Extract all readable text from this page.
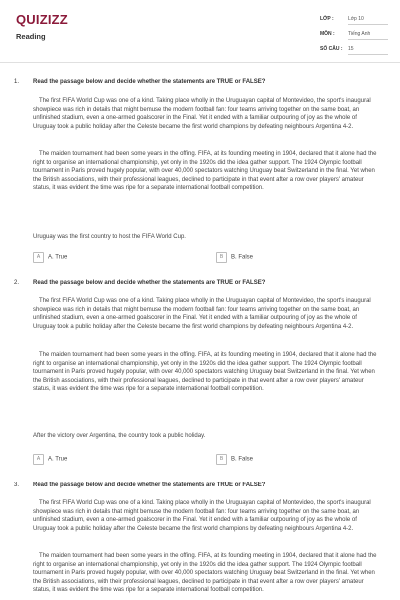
QUIZIZZ
Reading
LỚP :	Lớp 10
MÔN :	Tiếng Anh
SỐ CÂU : 15
1. Read the passage below and decide whether the statements are TRUE or FALSE?

The first FIFA World Cup was one of a kind. Taking place wholly in the Uruguayan capital of Montevideo, the sport's inaugural showpiece was rich in details that might bemuse the modern football fan: four teams arriving together on the same boat, an unfinished stadium, even a one-armed goalscorer in the Final. Yet it ended with a familiar outpouring of joy as the whole of Uruguay took a public holiday after the Celeste became the first world champions by defeating neighbours Argentina 4-2.

The maiden tournament had been some years in the offing. FIFA, at its founding meeting in 1904, declared that it alone had the right to organise an international championship, yet only in the 1920s did the idea gather support. The 1924 Olympic football tournament in Paris proved hugely popular, with over 40,000 spectators watching Uruguay beat Switzerland in the final. Yet when the British associations, with their professional leagues, declined to participate in that event after a row over players' amateur status, it was evident the time was ripe for a separate international football competition.

Uruguay was the first country to host the FIFA World Cup.
A A. True	B B. False
2. Read the passage below and decide whether the statements are TRUE or FALSE?

The first FIFA World Cup was one of a kind. Taking place wholly in the Uruguayan capital of Montevideo, the sport's inaugural showpiece was rich in details that might bemuse the modern football fan: four teams arriving together on the same boat, an unfinished stadium, even a one-armed goalscorer in the Final. Yet it ended with a familiar outpouring of joy as the whole of Uruguay took a public holiday after the Celeste became the first world champions by defeating neighbours Argentina 4-2.

The maiden tournament had been some years in the offing. FIFA, at its founding meeting in 1904, declared that it alone had the right to organise an international championship, yet only in the 1920s did the idea gather support. The 1924 Olympic football tournament in Paris proved hugely popular, with over 40,000 spectators watching Uruguay beat Switzerland in the final. Yet when the British associations, with their professional leagues, declined to participate in that event after a row over players' amateur status, it was evident the time was ripe for a separate international football competition.

After the victory over Argentina, the country took a public holiday.
A A. True	B B. False
3. Read the passage below and decide whether the statements are TRUE or FALSE?

The first FIFA World Cup was one of a kind. Taking place wholly in the Uruguayan capital of Montevideo, the sport's inaugural showpiece was rich in details that might bemuse the modern football fan: four teams arriving together on the same boat, an unfinished stadium, even a one-armed goalscorer in the Final. Yet it ended with a familiar outpouring of joy as the whole of Uruguay took a public holiday after the Celeste became the first world champions by defeating neighbours Argentina 4-2.

The maiden tournament had been some years in the offing. FIFA, at its founding meeting in 1904, declared that it alone had the right to organise an international championship, yet only in the 1920s did the idea gather support. The 1924 Olympic football tournament in Paris proved hugely popular, with over 40,000 spectators watching Uruguay beat Switzerland in the final. Yet when the British associations, with their professional leagues, declined to participate in that event after a row over players' amateur status, it was evident the time was ripe for a separate international football competition.
